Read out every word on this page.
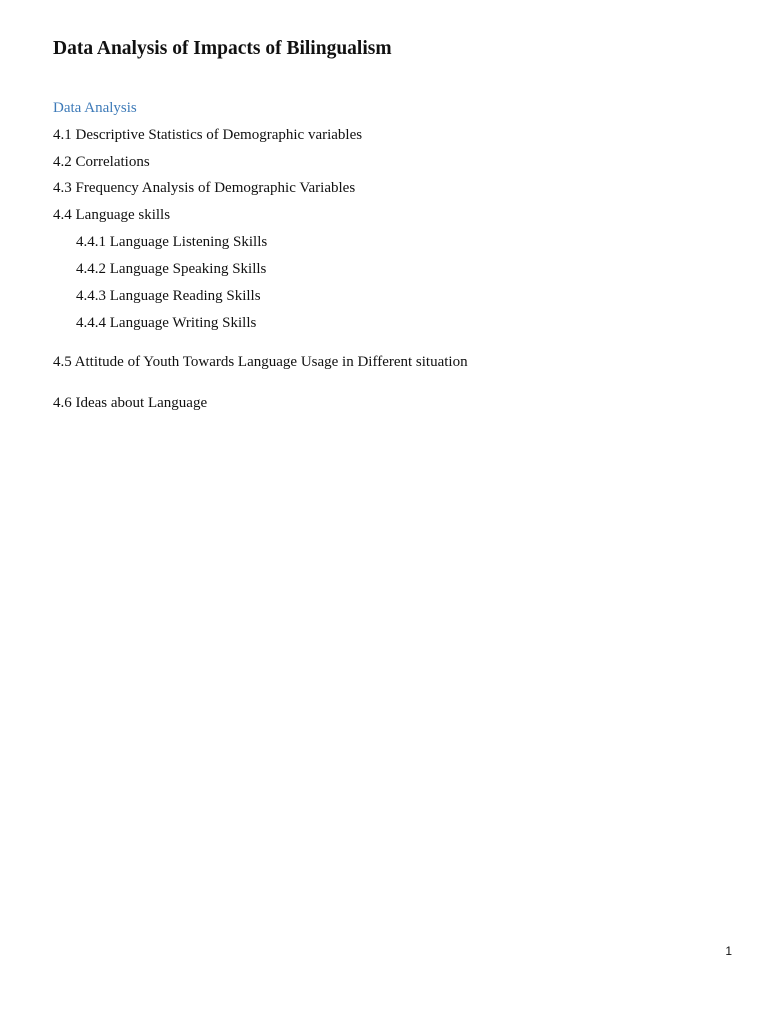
Data Analysis of Impacts of Bilingualism
Data Analysis
4.1 Descriptive Statistics of Demographic variables
4.2 Correlations
4.3 Frequency Analysis of Demographic Variables
4.4 Language skills
4.4.1 Language Listening Skills
4.4.2 Language Speaking Skills
4.4.3 Language Reading Skills
4.4.4 Language Writing Skills
4.5 Attitude of Youth Towards Language Usage in Different situation
4.6 Ideas about Language
1
